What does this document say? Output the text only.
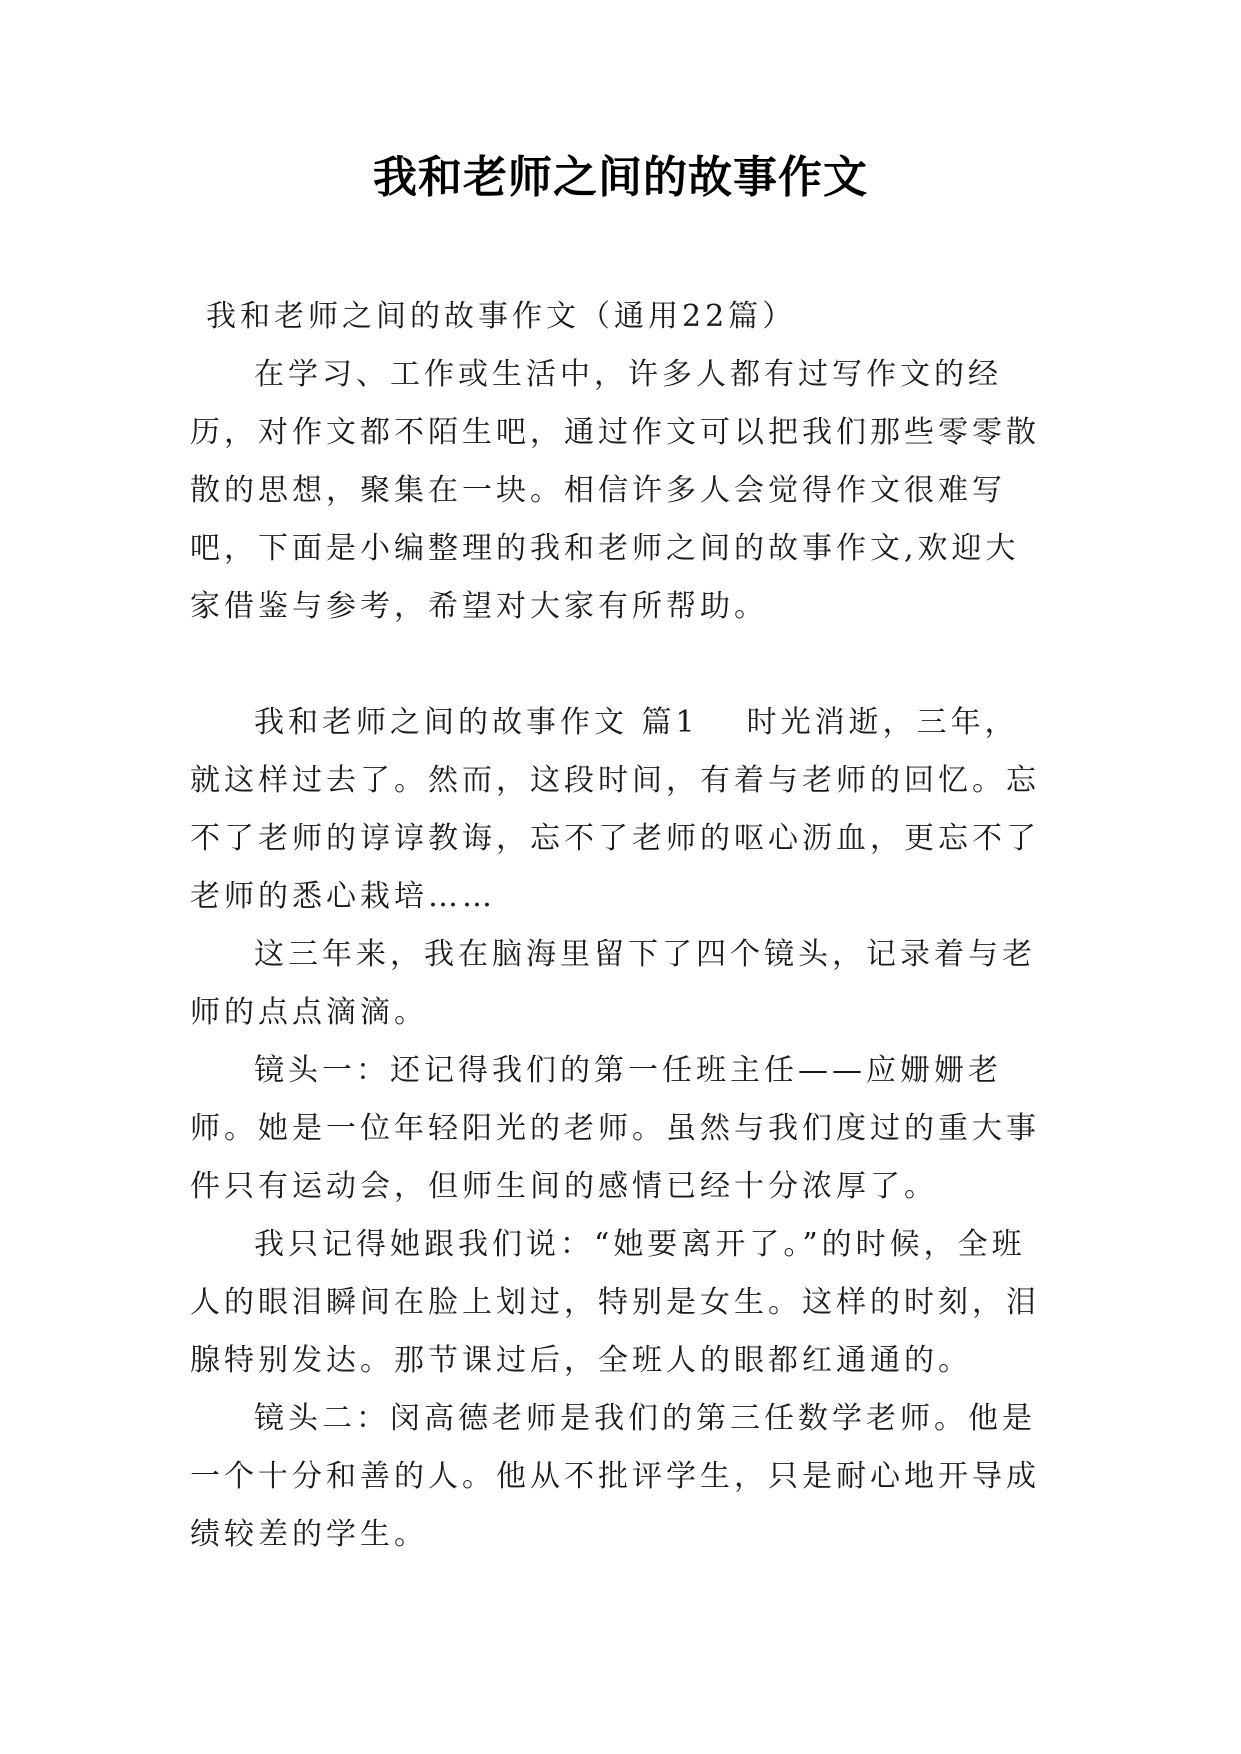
我和老师之间的故事作文

我和老师之间的故事作文（通用22篇）

在学习、工作或生活中，许多人都有过写作文的经历，对作文都不陌生吧，通过作文可以把我们那些零零散散的思想，聚集在一块。相信许多人会觉得作文很难写吧，下面是小编整理的我和老师之间的故事作文,欢迎大家借鉴与参考，希望对大家有所帮助。

我和老师之间的故事作文 篇1 时光消逝，三年，就这样过去了。然而，这段时间，有着与老师的回忆。忘不了老师的谆谆教诲，忘不了老师的呕心沥血，更忘不了老师的悉心栽培……

这三年来，我在脑海里留下了四个镜头，记录着与老师的点点滴滴。

镜头一：还记得我们的第一任班主任——应姗姗老师。她是一位年轻阳光的老师。虽然与我们度过的重大事件只有运动会，但师生间的感情已经十分浓厚了。

我只记得她跟我们说：“她要离开了。”的时候，全班人的眼泪瞬间在脸上划过，特别是女生。这样的时刻，泪腺特别发达。那节课过后，全班人的眼都红通通的。

镜头二：闵高德老师是我们的第三任数学老师。他是一个十分和善的人。他从不批评学生，只是耐心地开导成绩较差的学生。
